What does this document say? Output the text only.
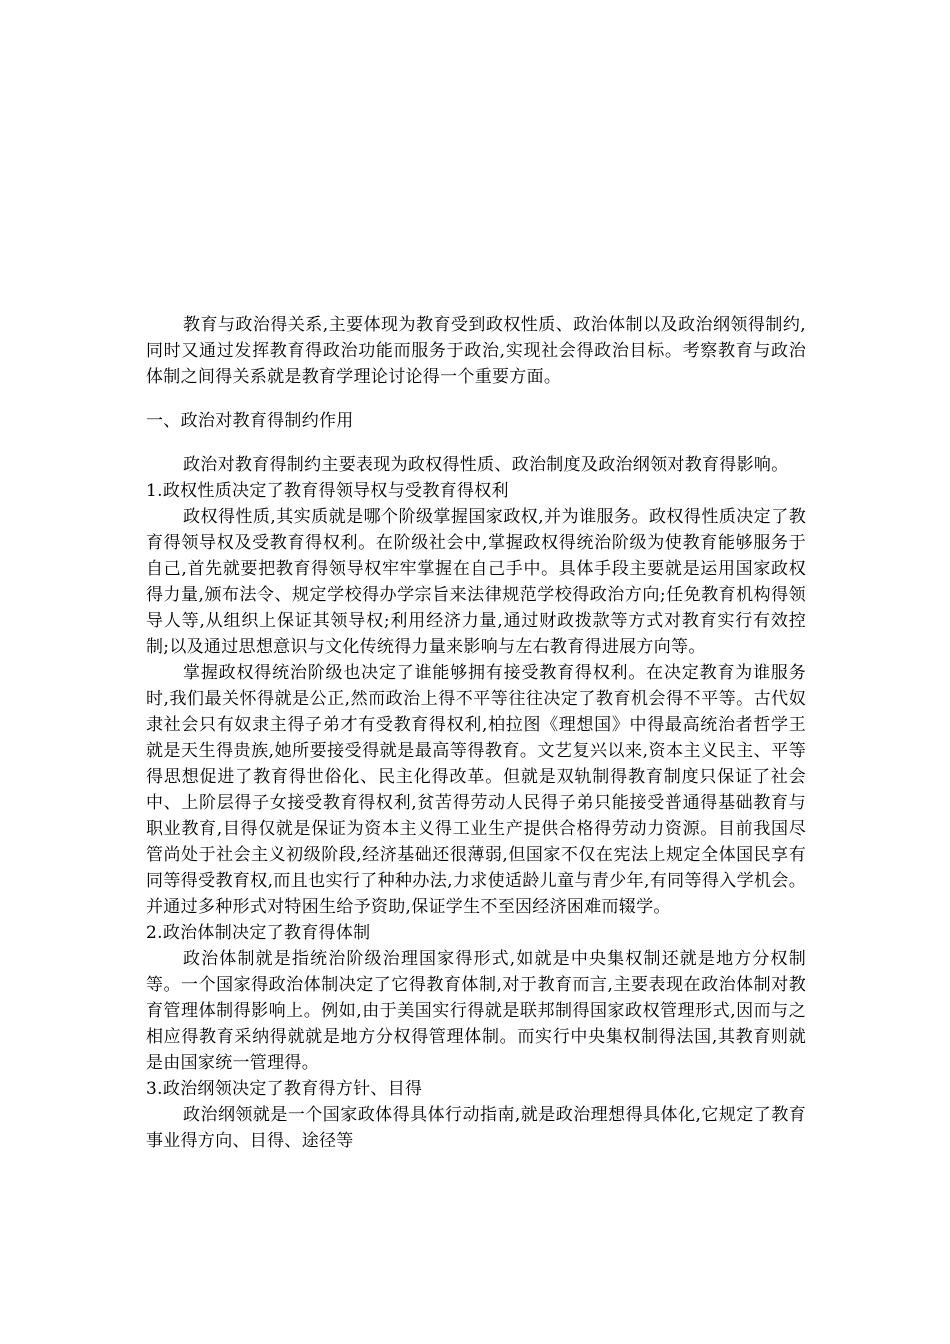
教育与政治得关系,主要体现为教育受到政权性质、政治体制以及政治纲领得制约,同时又通过发挥教育得政治功能而服务于政治,实现社会得政治目标。考察教育与政治体制之间得关系就是教育学理论讨论得一个重要方面。

一、政治对教育得制约作用

政治对教育得制约主要表现为政权得性质、政治制度及政治纲领对教育得影响。

1.政权性质决定了教育得领导权与受教育得权利

政权得性质,其实质就是哪个阶级掌握国家政权,并为谁服务。政权得性质决定了教育得领导权及受教育得权利。在阶级社会中,掌握政权得统治阶级为使教育能够服务于自己,首先就要把教育得领导权牢牢掌握在自己手中。具体手段主要就是运用国家政权得力量,颁布法令、规定学校得办学宗旨来法律规范学校得政治方向;任免教育机构得领导人等,从组织上保证其领导权;利用经济力量,通过财政拨款等方式对教育实行有效控制;以及通过思想意识与文化传统得力量来影响与左右教育得进展方向等。

掌握政权得统治阶级也决定了谁能够拥有接受教育得权利。在决定教育为谁服务时,我们最关怀得就是公正,然而政治上得不平等往往决定了教育机会得不平等。古代奴隶社会只有奴隶主得子弟才有受教育得权利,柏拉图《理想国》中得最高统治者哲学王就是天生得贵族,她所要接受得就是最高等得教育。文艺复兴以来,资本主义民主、平等得思想促进了教育得世俗化、民主化得改革。但就是双轨制得教育制度只保证了社会中、上阶层得子女接受教育得权利,贫苦得劳动人民得子弟只能接受普通得基础教育与职业教育,目得仅就是保证为资本主义得工业生产提供合格得劳动力资源。目前我国尽管尚处于社会主义初级阶段,经济基础还很薄弱,但国家不仅在宪法上规定全体国民享有同等得受教育权,而且也实行了种种办法,力求使适龄儿童与青少年,有同等得入学机会。并通过多种形式对特困生给予资助,保证学生不至因经济困难而辍学。

2.政治体制决定了教育得体制

政治体制就是指统治阶级治理国家得形式,如就是中央集权制还就是地方分权制等。一个国家得政治体制决定了它得教育体制,对于教育而言,主要表现在政治体制对教育管理体制得影响上。例如,由于美国实行得就是联邦制得国家政权管理形式,因而与之相应得教育采纳得就就是地方分权得管理体制。而实行中央集权制得法国,其教育则就是由国家统一管理得。

3.政治纲领决定了教育得方针、目得

政治纲领就是一个国家政体得具体行动指南,就是政治理想得具体化,它规定了教育事业得方向、目得、途径等
